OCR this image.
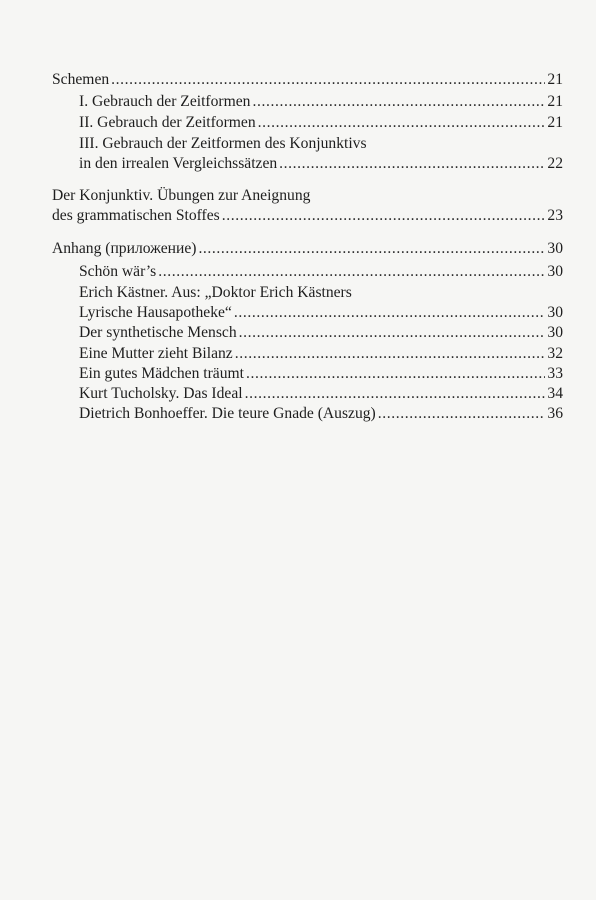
Schemen .....	21
I. Gebrauch der Zeitformen .....	21
II. Gebrauch der Zeitformen .....	21
III. Gebrauch der Zeitformen des Konjunktivs
in den irrealen Vergleichssätzen .....	22
Der Konjunktiv. Übungen zur Aneignung
des grammatischen Stoffes .....	23
Anhang (приложение) .....	30
Schön wär’s .....	30
Erich Kästner. Aus: „Doktor Erich Kästners
Lyrische Hausapotheke“ .....	30
Der synthetische Mensch .....	30
Eine Mutter zieht Bilanz .....	32
Ein gutes Mädchen träumt .....	33
Kurt Tucholsky. Das Ideal .....	34
Dietrich Bonhoeffer. Die teure Gnade (Auszug) .....	36
